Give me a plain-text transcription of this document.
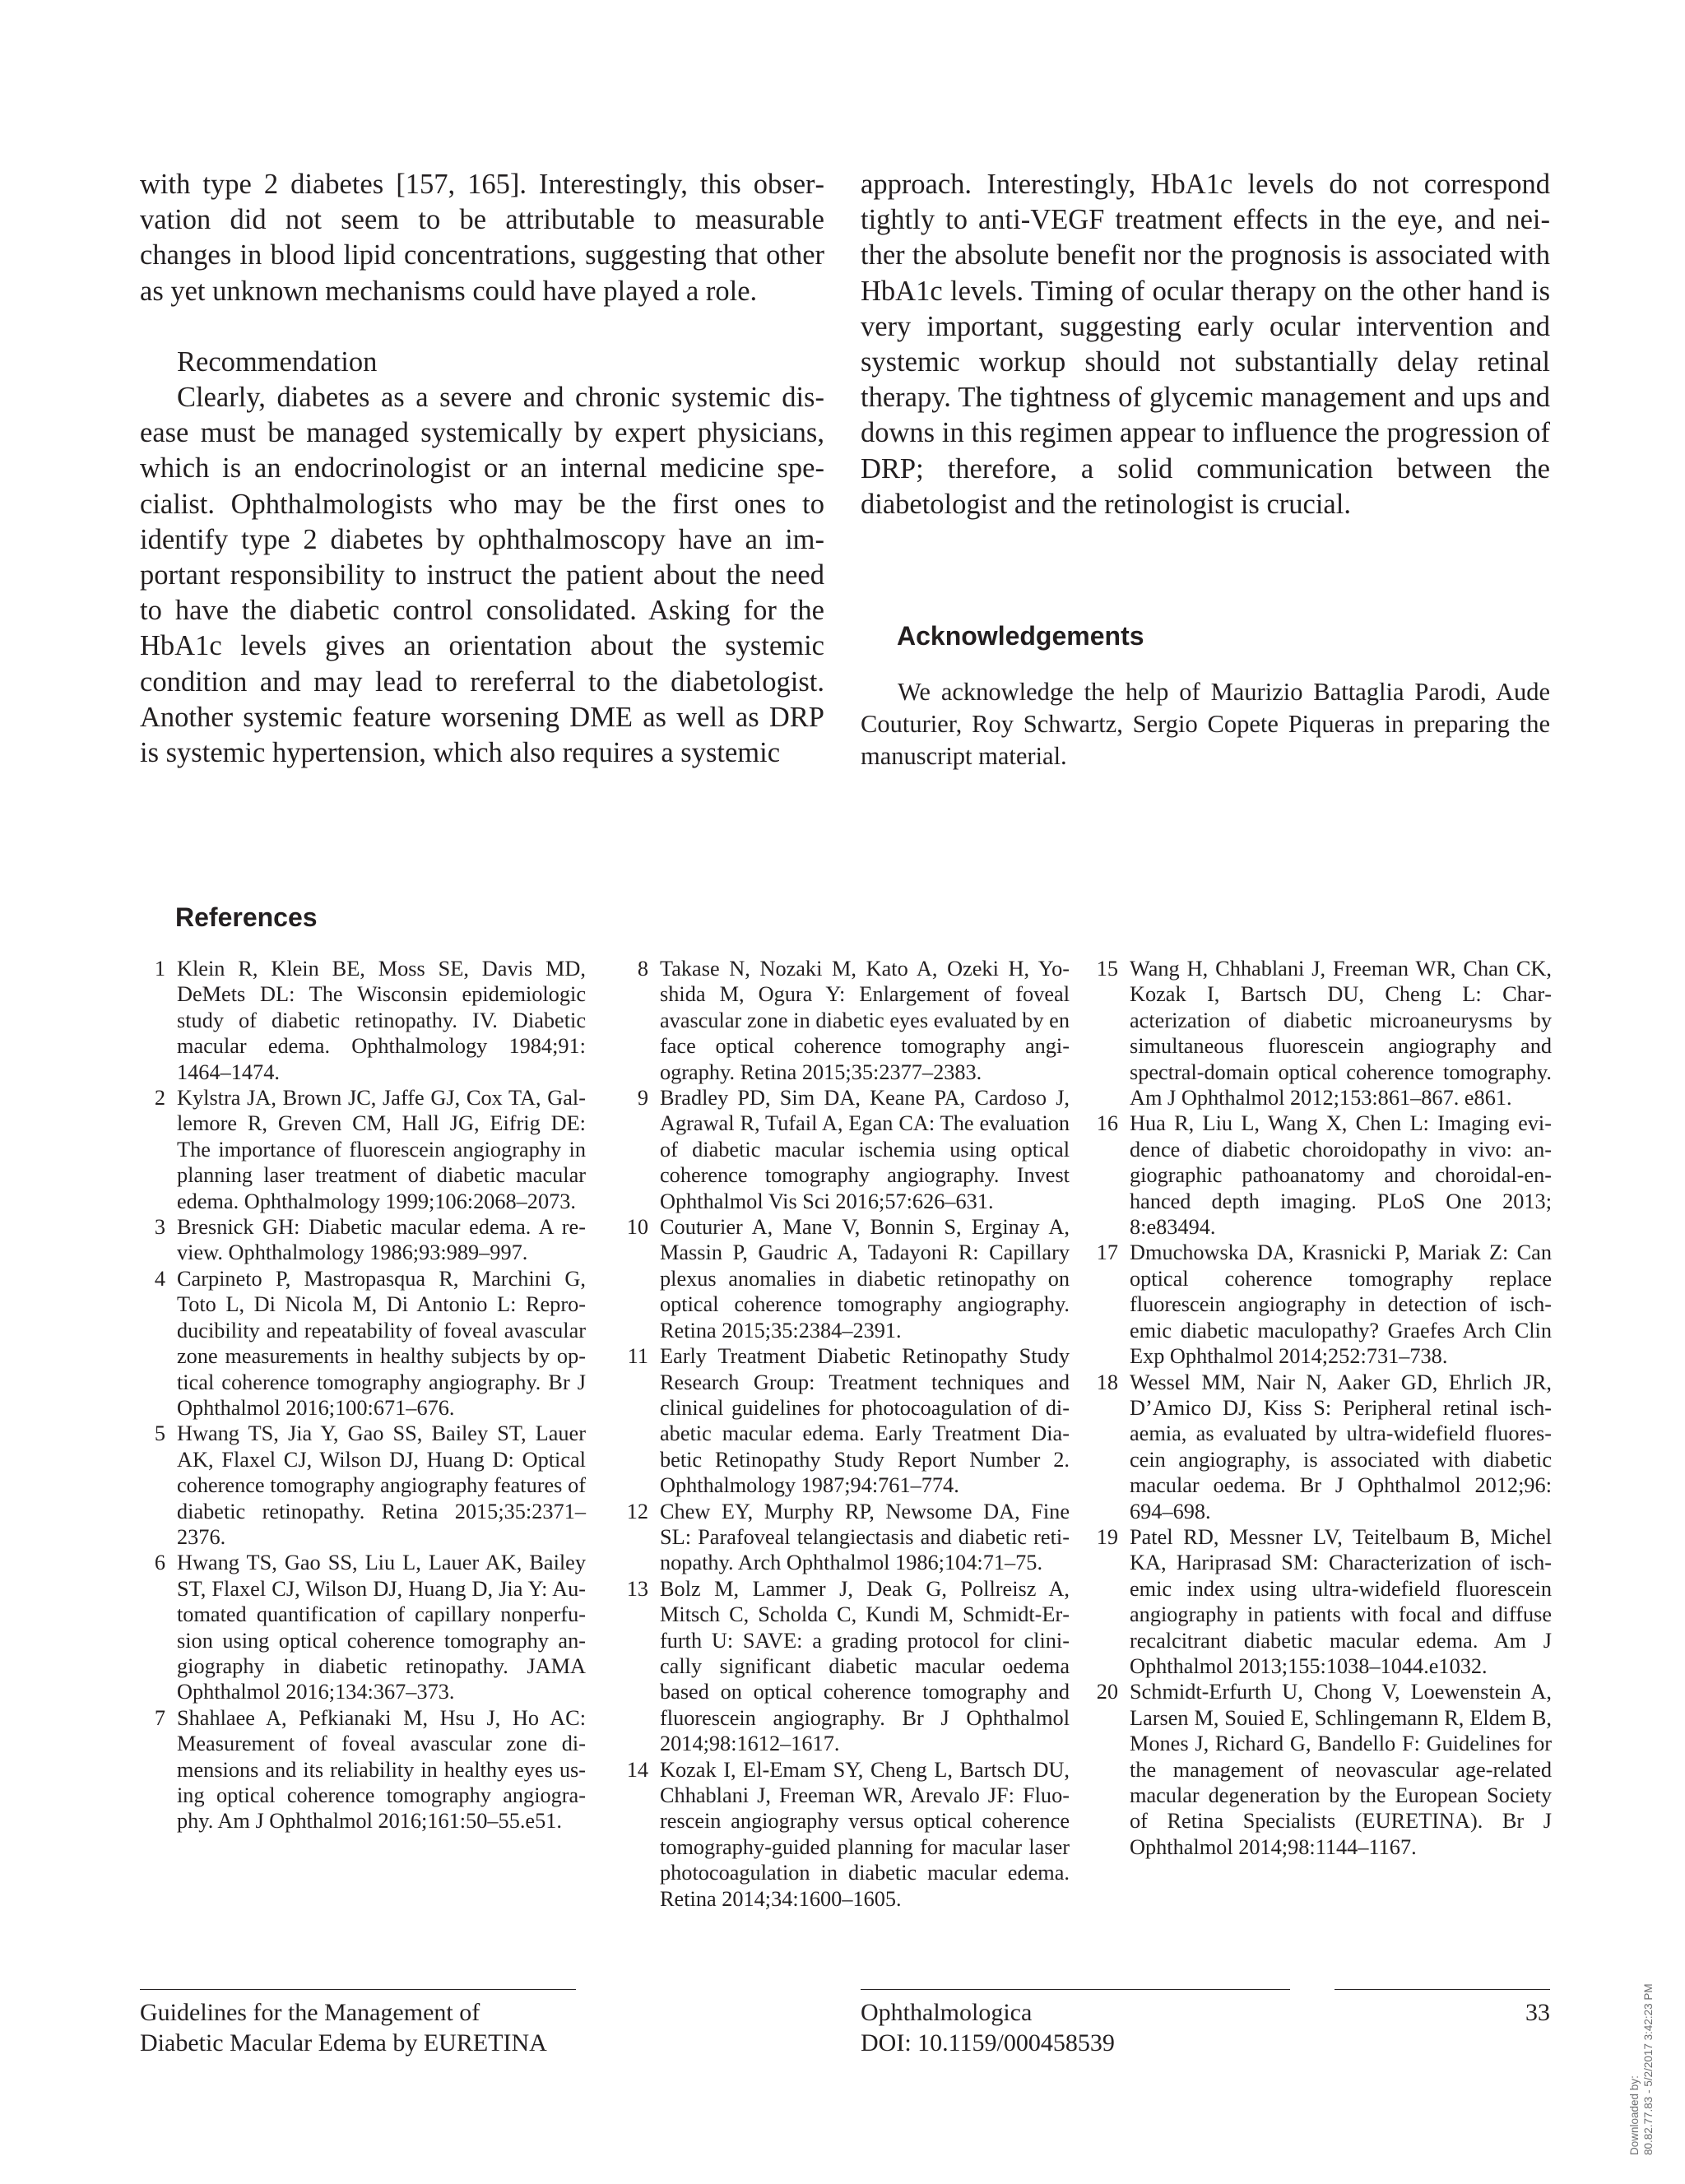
with type 2 diabetes [157, 165]. Interestingly, this observation did not seem to be attributable to measurable changes in blood lipid concentrations, suggesting that other as yet unknown mechanisms could have played a role.

Recommendation

Clearly, diabetes as a severe and chronic systemic disease must be managed systemically by expert physicians, which is an endocrinologist or an internal medicine specialist. Ophthalmologists who may be the first ones to identify type 2 diabetes by ophthalmoscopy have an important responsibility to instruct the patient about the need to have the diabetic control consolidated. Asking for the HbA1c levels gives an orientation about the systemic condition and may lead to rereferral to the diabetologist. Another systemic feature worsening DME as well as DRP is systemic hypertension, which also requires a systemic

approach. Interestingly, HbA1c levels do not correspond tightly to anti-VEGF treatment effects in the eye, and neither the absolute benefit nor the prognosis is associated with HbA1c levels. Timing of ocular therapy on the other hand is very important, suggesting early ocular intervention and systemic workup should not substantially delay retinal therapy. The tightness of glycemic management and ups and downs in this regimen appear to influence the progression of DRP; therefore, a solid communication between the diabetologist and the retinologist is crucial.

Acknowledgements

We acknowledge the help of Maurizio Battaglia Parodi, Aude Couturier, Roy Schwartz, Sergio Copete Piqueras in preparing the manuscript material.

References
1 Klein R, Klein BE, Moss SE, Davis MD, DeMets DL: The Wisconsin epidemiologic study of diabetic retinopathy. IV. Diabetic macular edema. Ophthalmology 1984;91: 1464–1474.
2 Kylstra JA, Brown JC, Jaffe GJ, Cox TA, Gallemore R, Greven CM, Hall JG, Eifrig DE: The importance of fluorescein angiography in planning laser treatment of diabetic macular edema. Ophthalmology 1999;106:2068–2073.
3 Bresnick GH: Diabetic macular edema. A review. Ophthalmology 1986;93:989–997.
4 Carpineto P, Mastropasqua R, Marchini G, Toto L, Di Nicola M, Di Antonio L: Reproducibility and repeatability of foveal avascular zone measurements in healthy subjects by optical coherence tomography angiography. Br J Ophthalmol 2016;100:671–676.
5 Hwang TS, Jia Y, Gao SS, Bailey ST, Lauer AK, Flaxel CJ, Wilson DJ, Huang D: Optical coherence tomography angiography features of diabetic retinopathy. Retina 2015;35:2371– 2376.
6 Hwang TS, Gao SS, Liu L, Lauer AK, Bailey ST, Flaxel CJ, Wilson DJ, Huang D, Jia Y: Automated quantification of capillary nonperfusion using optical coherence tomography angiography in diabetic retinopathy. JAMA Ophthalmol 2016;134:367–373.
7 Shahlaee A, Pefkianaki M, Hsu J, Ho AC: Measurement of foveal avascular zone dimensions and its reliability in healthy eyes using optical coherence tomography angiography. Am J Ophthalmol 2016;161:50–55.e51.
8 Takase N, Nozaki M, Kato A, Ozeki H, Yoshida M, Ogura Y: Enlargement of foveal avascular zone in diabetic eyes evaluated by en face optical coherence tomography angiography. Retina 2015;35:2377–2383.
9 Bradley PD, Sim DA, Keane PA, Cardoso J, Agrawal R, Tufail A, Egan CA: The evaluation of diabetic macular ischemia using optical coherence tomography angiography. Invest Ophthalmol Vis Sci 2016;57:626–631.
10 Couturier A, Mane V, Bonnin S, Erginay A, Massin P, Gaudric A, Tadayoni R: Capillary plexus anomalies in diabetic retinopathy on optical coherence tomography angiography. Retina 2015;35:2384–2391.
11 Early Treatment Diabetic Retinopathy Study Research Group: Treatment techniques and clinical guidelines for photocoagulation of diabetic macular edema. Early Treatment Diabetic Retinopathy Study Report Number 2. Ophthalmology 1987;94:761–774.
12 Chew EY, Murphy RP, Newsome DA, Fine SL: Parafoveal telangiectasis and diabetic retinopathy. Arch Ophthalmol 1986;104:71–75.
13 Bolz M, Lammer J, Deak G, Pollreisz A, Mitsch C, Scholda C, Kundi M, Schmidt-Erfurth U: SAVE: a grading protocol for clinically significant diabetic macular oedema based on optical coherence tomography and fluorescein angiography. Br J Ophthalmol 2014;98:1612–1617.
14 Kozak I, El-Emam SY, Cheng L, Bartsch DU, Chhablani J, Freeman WR, Arevalo JF: Fluorescein angiography versus optical coherence tomography-guided planning for macular laser photocoagulation in diabetic macular edema. Retina 2014;34:1600–1605.
15 Wang H, Chhablani J, Freeman WR, Chan CK, Kozak I, Bartsch DU, Cheng L: Characterization of diabetic microaneurysms by simultaneous fluorescein angiography and spectral-domain optical coherence tomography. Am J Ophthalmol 2012;153:861–867. e861.
16 Hua R, Liu L, Wang X, Chen L: Imaging evidence of diabetic choroidopathy in vivo: angiographic pathoanatomy and choroidal-enhanced depth imaging. PLoS One 2013; 8:e83494.
17 Dmuchowska DA, Krasnicki P, Mariak Z: Can optical coherence tomography replace fluorescein angiography in detection of ischemic diabetic maculopathy? Graefes Arch Clin Exp Ophthalmol 2014;252:731–738.
18 Wessel MM, Nair N, Aaker GD, Ehrlich JR, D’Amico DJ, Kiss S: Peripheral retinal ischaemia, as evaluated by ultra-widefield fluorescein angiography, is associated with diabetic macular oedema. Br J Ophthalmol 2012;96: 694–698.
19 Patel RD, Messner LV, Teitelbaum B, Michel KA, Hariprasad SM: Characterization of ischemic index using ultra-widefield fluorescein angiography in patients with focal and diffuse recalcitrant diabetic macular edema. Am J Ophthalmol 2013;155:1038–1044.e1032.
20 Schmidt-Erfurth U, Chong V, Loewenstein A, Larsen M, Souied E, Schlingemann R, Eldem B, Mones J, Richard G, Bandello F: Guidelines for the management of neovascular age-related macular degeneration by the European Society of Retina Specialists (EURETINA). Br J Ophthalmol 2014;98:1144–1167.
Guidelines for the Management of
Diabetic Macular Edema by EURETINA
Ophthalmologica
DOI: 10.1159/000458539
33
Downloaded by: 80.82.77.83 - 5/2/2017 3:42:23 PM
